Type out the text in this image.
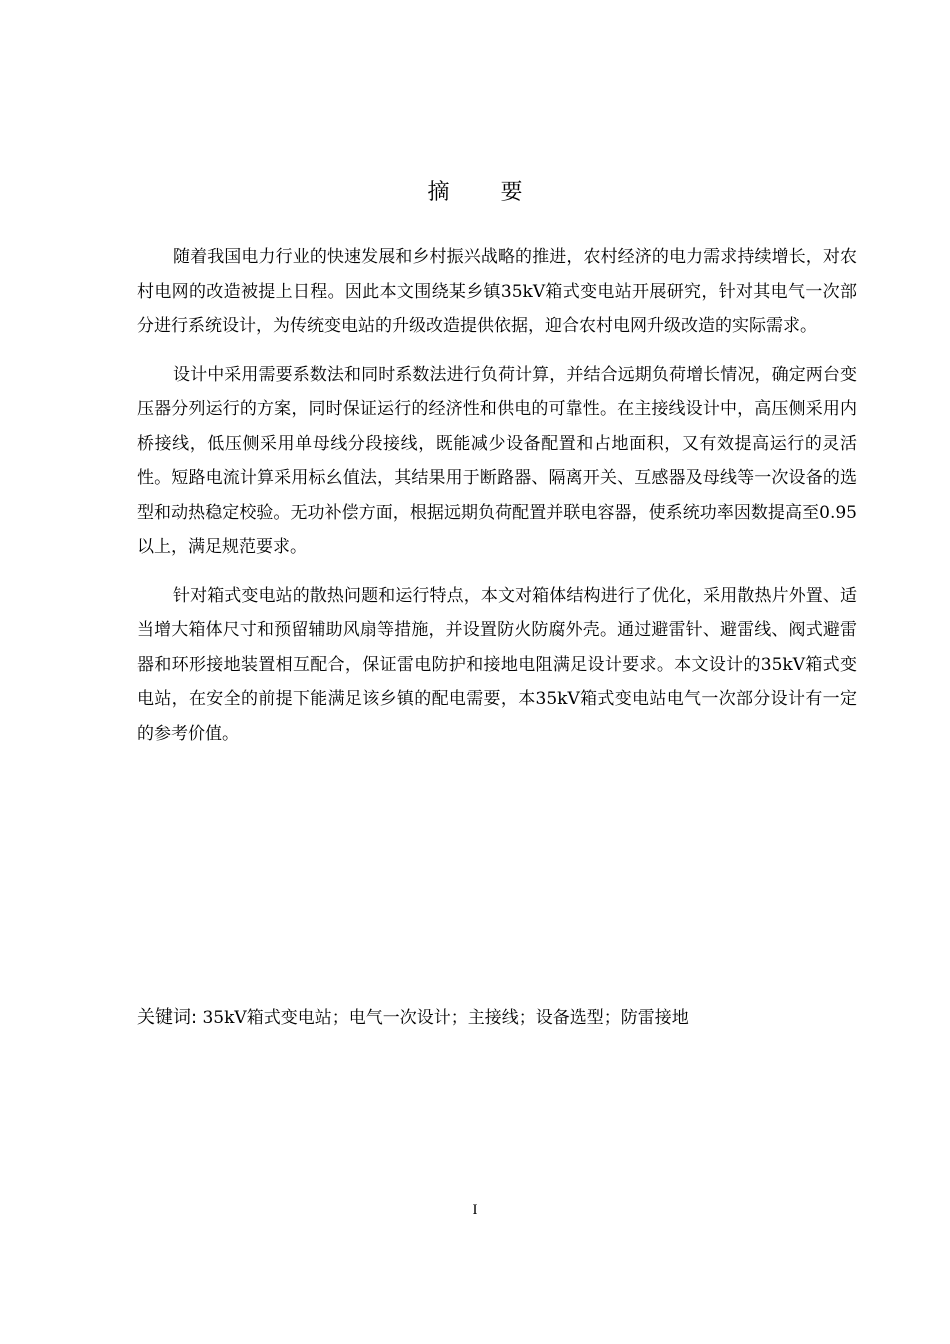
摘 要

随着我国电力行业的快速发展和乡村振兴战略的推进，农村经济的电力需求持续增长，对农村电网的改造被提上日程。因此本文围绕某乡镇35kV箱式变电站开展研究，针对其电气一次部分进行系统设计，为传统变电站的升级改造提供依据，迎合农村电网升级改造的实际需求。

设计中采用需要系数法和同时系数法进行负荷计算，并结合远期负荷增长情况，确定两台变压器分列运行的方案，同时保证运行的经济性和供电的可靠性。在主接线设计中，高压侧采用内桥接线，低压侧采用单母线分段接线，既能减少设备配置和占地面积，又有效提高运行的灵活性。短路电流计算采用标幺值法，其结果用于断路器、隔离开关、互感器及母线等一次设备的选型和动热稳定校验。无功补偿方面，根据远期负荷配置并联电容器，使系统功率因数提高至0.95以上，满足规范要求。

针对箱式变电站的散热问题和运行特点，本文对箱体结构进行了优化，采用散热片外置、适当增大箱体尺寸和预留辅助风扇等措施，并设置防火防腐外壳。通过避雷针、避雷线、阀式避雷器和环形接地装置相互配合，保证雷电防护和接地电阻满足设计要求。本文设计的35kV箱式变电站，在安全的前提下能满足该乡镇的配电需要，本35kV箱式变电站电气一次部分设计有一定的参考价值。

关键词: 35kV箱式变电站；电气一次设计；主接线；设备选型；防雷接地
I
